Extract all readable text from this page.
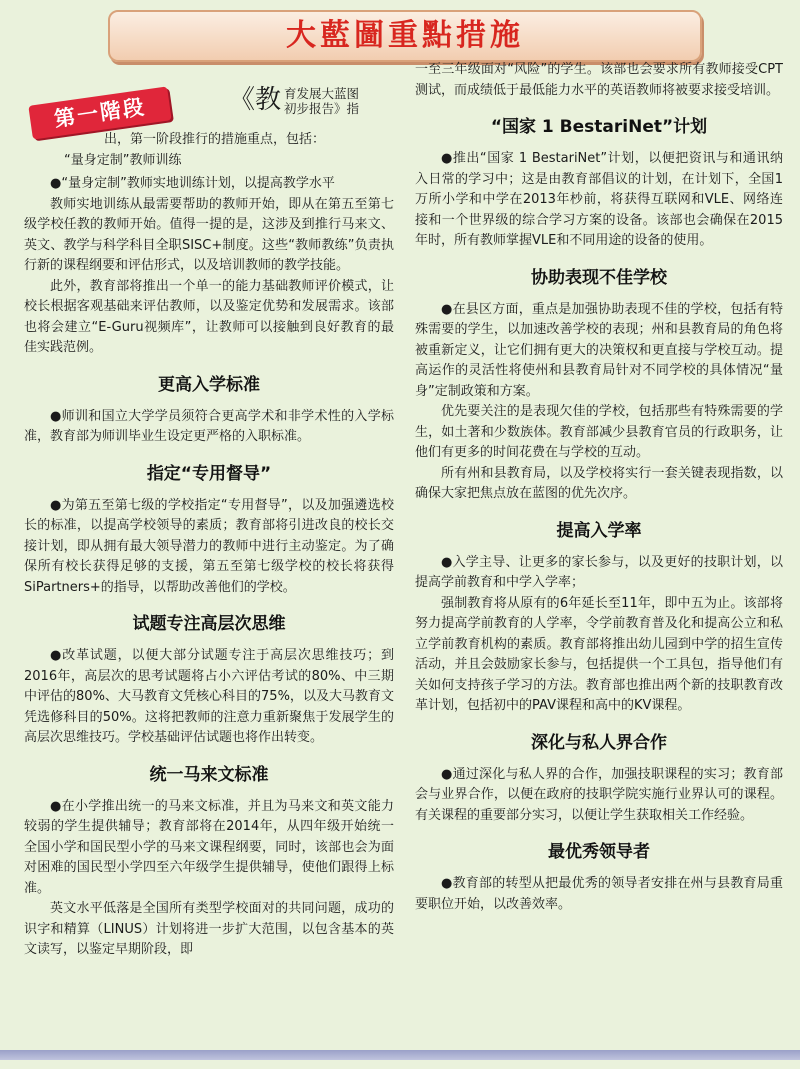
大藍圖重點措施
第一階段	《教 育发展大蓝图
初步报告》指

出，第一阶段推行的措施重点，包括：

“量身定制”教师训练

●“量身定制”教师实地训练计划，以提高教学水平

教师实地训练从最需要帮助的教师开始，即从在第五至第七级学校任教的教师开始。值得一提的是，这涉及到推行马来文、英文、教学与科学科目全职SISC+制度。这些“教师教练”负责执行新的课程纲要和评估形式，以及培训教师的教学技能。

此外，教育部将推出一个单一的能力基础教师评价模式，让校长根据客观基础来评估教师，以及鉴定优势和发展需求。该部也将会建立“E-Guru视频库”，让教师可以接触到良好教育的最佳实践范例。

更高入学标准

●师训和国立大学学员须符合更高学术和非学术性的入学标准，教育部为师训毕业生设定更严格的入职标准。

指定“专用督导”

●为第五至第七级的学校指定“专用督导”，以及加强遴选校长的标准，以提高学校领导的素质；教育部将引进改良的校长交接计划，即从拥有最大领导潜力的教师中进行主动鉴定。为了确保所有校长获得足够的支援，第五至第七级学校的校长将获得SiPartners+的指导，以帮助改善他们的学校。

试题专注高层次思维

●改革试题，以便大部分试题专注于高层次思维技巧；到2016年，高层次的思考试题将占小六评估考试的80%、中三期中评估的80%、大马教育文凭核心科目的75%，以及大马教育文凭选修科目的50%。这将把教师的注意力重新聚焦于发展学生的高层次思维技巧。学校基础评估试题也将作出转变。

统一马来文标准

●在小学推出统一的马来文标准，并且为马来文和英文能力较弱的学生提供辅导；教育部将在2014年，从四年级开始统一全国小学和国民型小学的马来文课程纲要，同时，该部也会为面对困难的国民型小学四至六年级学生提供辅导，使他们跟得上标准。

英文水平低落是全国所有类型学校面对的共同问题，成功的识字和精算（LINUS）计划将进一步扩大范围，以包含基本的英文读写，以鉴定早期阶段，即

一至三年级面对“风险”的学生。该部也会要求所有教师接受CPT测试，而成绩低于最低能力水平的英语教师将被要求接受培训。

“国家 1 BestariNet”计划

●推出“国家 1 BestariNet”计划，以便把资讯与和通讯纳入日常的学习中；这是由教育部倡议的计划，在计划下，全国1万所小学和中学在2013年杪前，将获得互联网和VLE、网络连接和一个世界级的综合学习方案的设备。该部也会确保在2015年时，所有教师掌握VLE和不同用途的设备的使用。

协助表现不佳学校

●在县区方面，重点是加强协助表现不佳的学校，包括有特殊需要的学生，以加速改善学校的表现；州和县教育局的角色将被重新定义，让它们拥有更大的决策权和更直接与学校互动。提高运作的灵活性将使州和县教育局针对不同学校的具体情况“量身”定制政策和方案。

优先要关注的是表现欠佳的学校，包括那些有特殊需要的学生，如土著和少数族体。教育部减少县教育官员的行政职务，让他们有更多的时间花费在与学校的互动。

所有州和县教育局，以及学校将实行一套关键表现指数，以确保大家把焦点放在蓝图的优先次序。

提高入学率

●入学主导、让更多的家长参与，以及更好的技职计划，以提高学前教育和中学入学率；

强制教育将从原有的6年延长至11年，即中五为止。该部将努力提高学前教育的人学率，令学前教育普及化和提高公立和私立学前教育机构的素质。教育部将推出幼儿园到中学的招生宣传活动，并且会鼓励家长参与，包括提供一个工具包，指导他们有关如何支持孩子学习的方法。教育部也推出两个新的技职教育改革计划，包括初中的PAV课程和高中的KV课程。

深化与私人界合作

●通过深化与私人界的合作，加强技职课程的实习；教育部会与业界合作，以便在政府的技职学院实施行业界认可的课程。有关课程的重要部分实习，以便让学生获取相关工作经验。

最优秀领导者

●教育部的转型从把最优秀的领导者安排在州与县教育局重要职位开始，以改善效率。
